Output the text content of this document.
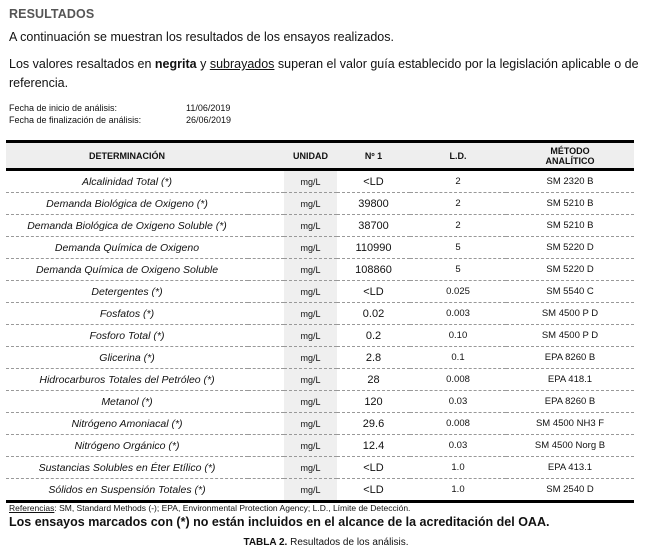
RESULTADOS
A continuación se muestran los resultados de los ensayos realizados.
Los valores resaltados en negrita y subrayados superan el valor guía establecido por la legislación aplicable o de referencia.
Fecha de inicio de análisis:	11/06/2019
Fecha de finalización de análisis:	26/06/2019
DETERMINACIÓN		UNIDAD	Nº 1	L.D.	MÉTODO
ANALÍTICO
Alcalinidad Total (*)		mg/L	<LD	2	SM 2320 B
Demanda Biológica de Oxigeno (*)		mg/L	39800	2	SM 5210 B
Demanda Biológica de Oxigeno Soluble (*)		mg/L	38700	2	SM 5210 B
Demanda Química de Oxigeno		mg/L	110990	5	SM 5220 D
Demanda Química de Oxigeno Soluble		mg/L	108860	5	SM 5220 D
Detergentes (*)		mg/L	<LD	0.025	SM 5540 C
Fosfatos (*)		mg/L	0.02	0.003	SM 4500 P D
Fosforo Total (*)		mg/L	0.2	0.10	SM 4500 P D
Glicerina (*)		mg/L	2.8	0.1	EPA 8260 B
Hidrocarburos Totales del Petróleo (*)		mg/L	28	0.008	EPA 418.1
Metanol (*)		mg/L	120	0.03	EPA 8260 B
Nitrógeno Amoniacal (*)		mg/L	29.6	0.008	SM 4500 NH3 F
Nitrógeno Orgánico (*)		mg/L	12.4	0.03	SM 4500 Norg B
Sustancias Solubles en Éter Etílico (*)		mg/L	<LD	1.0	EPA 413.1
Sólidos en Suspensión Totales (*)		mg/L	<LD	1.0	SM 2540 D
Referencias: SM, Standard Methods (-); EPA, Environmental Protection Agency; L.D., Límite de Detección.
Los ensayos marcados con (*) no están incluidos en el alcance de la acreditación del OAA.
TABLA 2. Resultados de los análisis.
